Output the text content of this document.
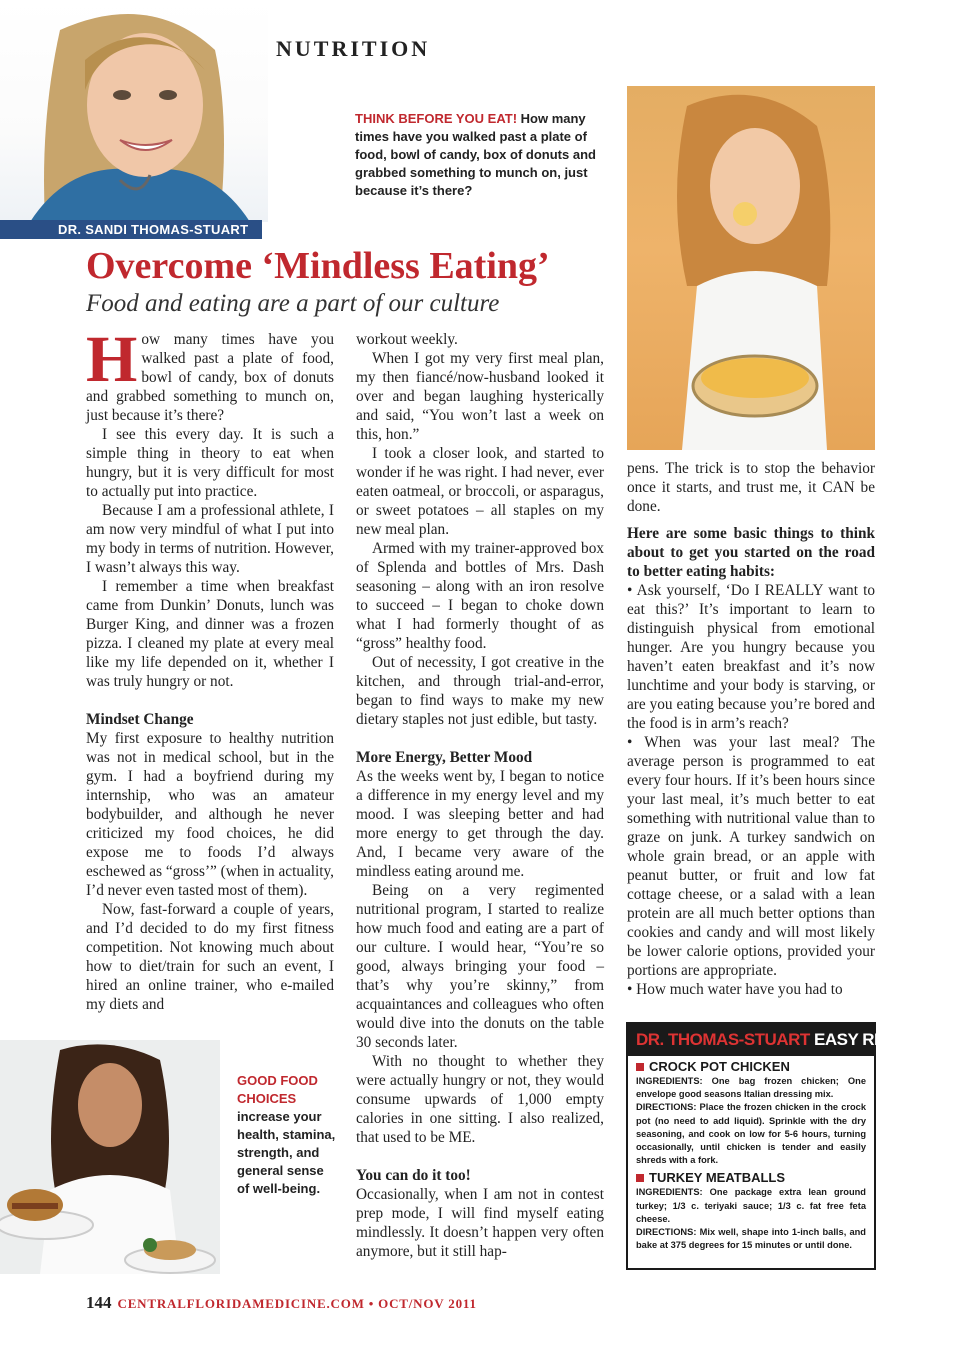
NUTRITION
DR. SANDI THOMAS-STUART
THINK BEFORE YOU EAT! How many times have you walked past a plate of food, bowl of candy, box of donuts and grabbed something to munch on, just because it’s there?
Overcome ‘Mindless Eating’
Food and eating are a part of our culture

How many times have you walked past a plate of food, bowl of candy, box of donuts and grabbed something to munch on, just because it’s there?

I see this every day. It is such a simple thing in theory to eat when hungry, but it is very difficult for most to actually put into practice.

Because I am a professional athlete, I am now very mindful of what I put into my body in terms of nutrition. However, I wasn’t always this way.

I remember a time when breakfast came from Dunkin’ Donuts, lunch was Burger King, and dinner was a frozen pizza. I cleaned my plate at every meal like my life depended on it, whether I was truly hungry or not.

Mindset Change

My first exposure to healthy nutrition was not in medical school, but in the gym. I had a boyfriend during my internship, who was an amateur bodybuilder, and although he never criticized my food choices, he did expose me to foods I’d always eschewed as “gross’” (when in actuality, I’d never even tasted most of them).

Now, fast-forward a couple of years, and I’d decided to do my first fitness competition. Not knowing much about how to diet/train for such an event, I hired an online trainer, who e-mailed my diets and

workout weekly.

When I got my very first meal plan, my then fiancé/now-husband looked it over and began laughing hysterically and said, “You won’t last a week on this, hon.”

I took a closer look, and started to wonder if he was right. I had never, ever eaten oatmeal, or broccoli, or asparagus, or sweet potatoes – all staples on my new meal plan.

Armed with my trainer-approved box of Splenda and bottles of Mrs. Dash seasoning – along with an iron resolve to succeed – I began to choke down what I had formerly thought of as “gross” healthy food.

Out of necessity, I got creative in the kitchen, and through trial-and-error, began to find ways to make my new dietary staples not just edible, but tasty.

More Energy, Better Mood

As the weeks went by, I began to notice a difference in my energy level and my mood. I was sleeping better and had more energy to get through the day. And, I became very aware of the mindless eating around me.

Being on a very regimented nutritional program, I started to realize how much food and eating are a part of our culture. I would hear, “You’re so good, always bringing your food – that’s why you’re skinny,” from acquaintances and colleagues who often would dive into the donuts on the table 30 seconds later.

With no thought to whether they were actually hungry or not, they would consume upwards of 1,000 empty calories in one sitting. I also realized, that used to be ME.

You can do it too!

Occasionally, when I am not in contest prep mode, I will find myself eating mindlessly. It doesn’t happen very often anymore, but it still hap-

pens. The trick is to stop the behavior once it starts, and trust me, it CAN be done.

Here are some basic things to think about to get you started on the road to better eating habits:

• Ask yourself, ‘Do I REALLY want to eat this?’ It’s important to learn to distinguish physical from emotional hunger. Are you hungry because you haven’t eaten breakfast and it’s now lunchtime and your body is starving, or are you eating because you’re bored and the food is in arm’s reach?

• When was your last meal? The average person is programmed to eat every four hours. If it’s been hours since your last meal, it’s much better to eat something with nutritional value than to graze on junk. A turkey sandwich on whole grain bread, or an apple with peanut butter, or fruit and low fat cottage cheese, or a salad with a lean protein are all much better options than cookies and candy and will most likely be lower calorie options, provided your portions are appropriate.

• How much water have you had to

GOOD FOOD CHOICES increase your health, stamina, strength, and general sense of well-being.
DR. THOMAS-STUART EASY RECIPES
CROCK POT CHICKEN
INGREDIENTS: One bag frozen chicken; One envelope good seasons Italian dressing mix.
DIRECTIONS: Place the frozen chicken in the crock pot (no need to add liquid). Sprinkle with the dry seasoning, and cook on low for 5-6 hours, turning occasionally, until chicken is tender and easily shreds with a fork.
TURKEY MEATBALLS
INGREDIENTS: One package extra lean ground turkey; 1/3 c. teriyaki sauce; 1/3 c. fat free feta cheese.
DIRECTIONS: Mix well, shape into 1-inch balls, and bake at 375 degrees for 15 minutes or until done.
144 CENTRALFLORIDAMEDICINE.COM • OCT/NOV 2011
